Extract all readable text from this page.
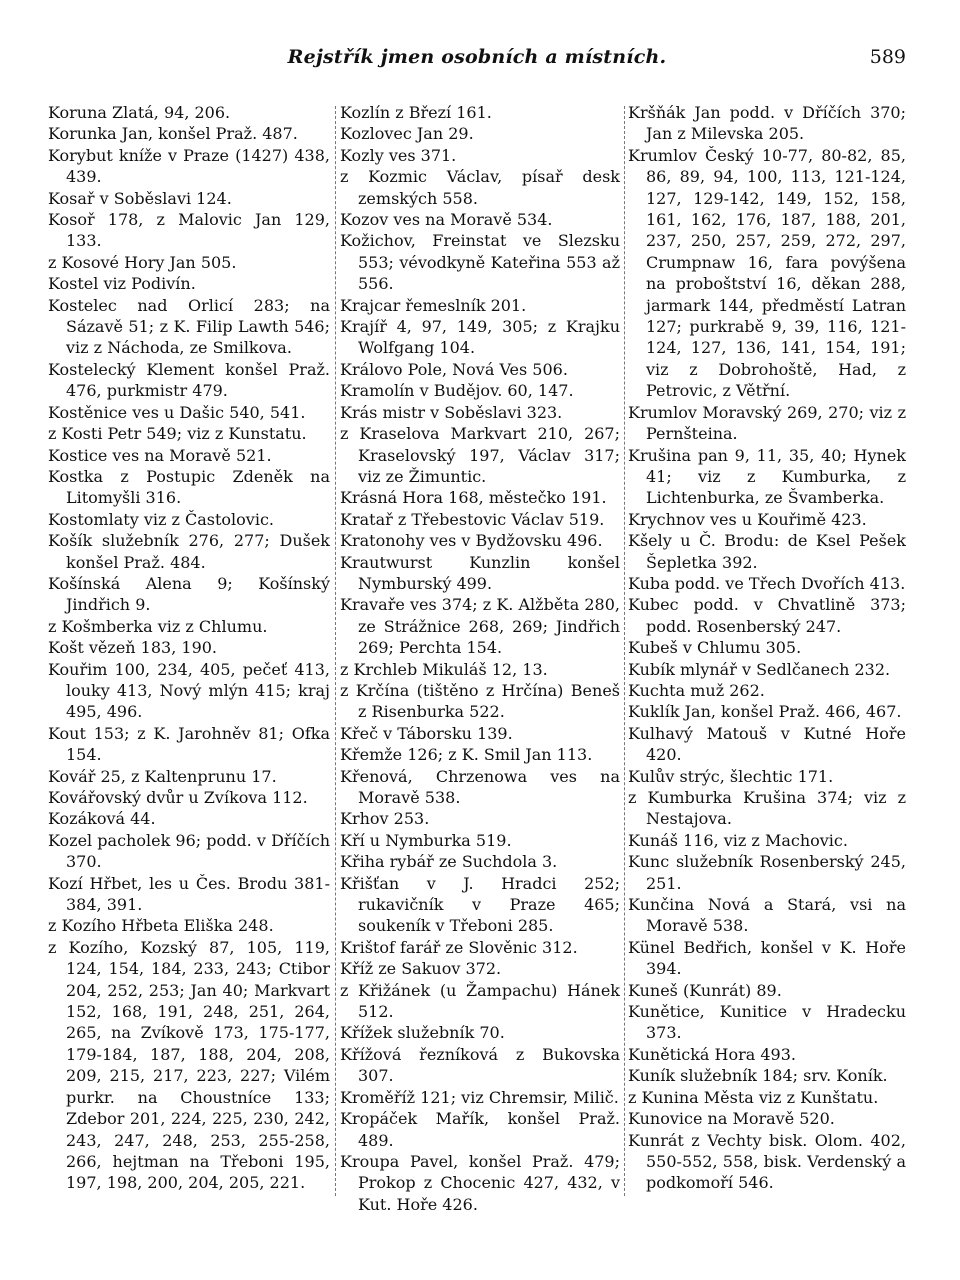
Rejstřík jmen osobních a místních.	589

Koruna Zlatá, 94, 206.

Korunka Jan, konšel Praž. 487.

Korybut kníže v Praze (1427) 438, 439.

Kosař v Soběslavi 124.

Kosoř 178, z Malovic Jan 129, 133.

z Kosové Hory Jan 505.

Kostel viz Podivín.

Kostelec nad Orlicí 283; na Sázavě 51; z K. Filip Lawth 546; viz z Náchoda, ze Smilkova.

Kostelecký Klement konšel Praž. 476, purkmistr 479.

Kostěnice ves u Dašic 540, 541.

z Kosti Petr 549; viz z Kunstatu.

Kostice ves na Moravě 521.

Kostka z Postupic Zdeněk na Litomyšli 316.

Kostomlaty viz z Častolovic.

Košík služebník 276, 277; Dušek konšel Praž. 484.

Košínská Alena 9; Košínský Jindřich 9.

z Košmberka viz z Chlumu.

Košt vězeň 183, 190.

Kouřim 100, 234, 405, pečeť 413, louky 413, Nový mlýn 415; kraj 495, 496.

Kout 153; z K. Jarohněv 81; Ofka 154.

Kovář 25, z Kaltenprunu 17.

Kovářovský dvůr u Zvíkova 112.

Kozáková 44.

Kozel pacholek 96; podd. v Dříčích 370.

Kozí Hřbet, les u Čes. Brodu 381-384, 391.

z Kozího Hřbeta Eliška 248.

z Kozího, Kozský 87, 105, 119, 124, 154, 184, 233, 243; Ctibor 204, 252, 253; Jan 40; Markvart 152, 168, 191, 248, 251, 264, 265, na Zvíkově 173, 175-177, 179-184, 187, 188, 204, 208, 209, 215, 217, 223, 227; Vilém purkr. na Choustníce 133; Zdebor 201, 224, 225, 230, 242, 243, 247, 248, 253, 255-258, 266, hejtman na Třeboni 195, 197, 198, 200, 204, 205, 221.

Kozlín z Březí 161.

Kozlovec Jan 29.

Kozly ves 371.

z Kozmic Václav, písař desk zemských 558.

Kozov ves na Moravě 534.

Kožichov, Freinstat ve Slezsku 553; vévodkyně Kateřina 553 až 556.

Krajcar řemeslník 201.

Krajíř 4, 97, 149, 305; z Krajku Wolfgang 104.

Královo Pole, Nová Ves 506.

Kramolín v Budějov. 60, 147.

Krás mistr v Soběslavi 323.

z Kraselova Markvart 210, 267; Kraselovský 197, Václav 317; viz ze Žimuntic.

Krásná Hora 168, městečko 191.

Kratař z Třebestovic Václav 519.

Kratonohy ves v Bydžovsku 496.

Krautwurst Kunzlin konšel Nymburský 499.

Kravaře ves 374; z K. Alžběta 280, ze Strážnice 268, 269; Jindřich 269; Perchta 154.

z Krchleb Mikuláš 12, 13.

z Krčína (tištěno z Hrčína) Beneš z Risenburka 522.

Křeč v Táborsku 139.

Křemže 126; z K. Smil Jan 113.

Křenová, Chrzenowa ves na Moravě 538.

Krhov 253.

Kří u Nymburka 519.

Křiha rybář ze Suchdola 3.

Křišťan v J. Hradci 252; rukavičník v Praze 465; soukeník v Třeboni 285.

Krištof farář ze Slověnic 312.

Kříž ze Sakuov 372.

z Křižánek (u Žampachu) Hánek 512.

Křížek služebník 70.

Křížová řezníková z Bukovska 307.

Kroměříž 121; viz Chremsir, Milič.

Kropáček Mařík, konšel Praž. 489.

Kroupa Pavel, konšel Praž. 479; Prokop z Chocenic 427, 432, v Kut. Hoře 426.

Kršňák Jan podd. v Dříčích 370; Jan z Milevska 205.

Krumlov Český 10-77, 80-82, 85, 86, 89, 94, 100, 113, 121-124, 127, 129-142, 149, 152, 158, 161, 162, 176, 187, 188, 201, 237, 250, 257, 259, 272, 297, Crumpnaw 16, fara povýšena na proboštství 16, děkan 288, jarmark 144, předměstí Latran 127; purkrabě 9, 39, 116, 121-124, 127, 136, 141, 154, 191; viz z Dobrohoště, Had, z Petrovic, z Větřní.

Krumlov Moravský 269, 270; viz z Pernšteina.

Krušina pan 9, 11, 35, 40; Hynek 41; viz z Kumburka, z Lichtenburka, ze Švamberka.

Krychnov ves u Kouřimě 423.

Kšely u Č. Brodu: de Ksel Pešek Šepletka 392.

Kuba podd. ve Třech Dvořích 413.

Kubec podd. v Chvatlině 373; podd. Rosenberský 247.

Kubeš v Chlumu 305.

Kubík mlynář v Sedlčanech 232.

Kuchta muž 262.

Kuklík Jan, konšel Praž. 466, 467.

Kulhavý Matouš v Kutné Hoře 420.

Kulův strýc, šlechtic 171.

z Kumburka Krušina 374; viz z Nestajova.

Kunáš 116, viz z Machovic.

Kunc služebník Rosenberský 245, 251.

Kunčina Nová a Stará, vsi na Moravě 538.

Künel Bedřich, konšel v K. Hoře 394.

Kuneš (Kunrát) 89.

Kunětice, Kunitice v Hradecku 373.

Kunětická Hora 493.

Kuník služebník 184; srv. Koník.

z Kunina Města viz z Kunštatu.

Kunovice na Moravě 520.

Kunrát z Vechty bisk. Olom. 402, 550-552, 558, bisk. Verdenský a podkomoří 546.
